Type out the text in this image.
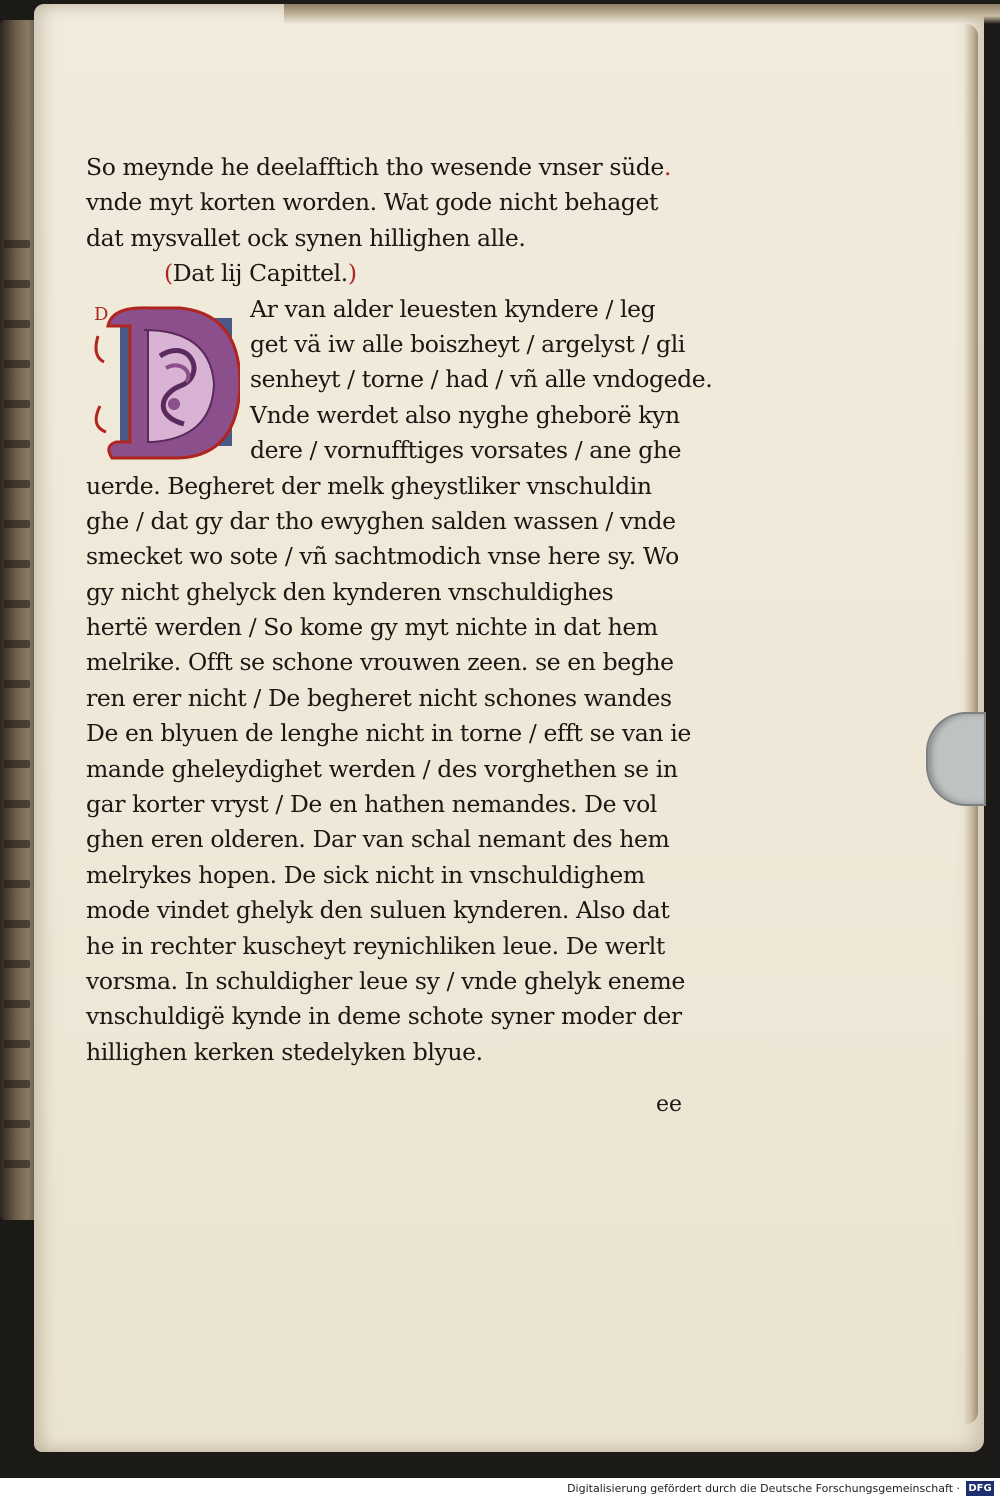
So meynde he deelafftich tho wesende vnser süde.
vnde myt korten worden. Wat gode nicht behaget
dat mysvallet ock synen hillighen alle.
(Dat lij Capittel.)
D	Ar van alder leuesten kyndere / leg
get vä iw alle boiszheyt / argelyst / gli
senheyt / torne / had / vñ alle vndogede.
Vnde werdet also nyghe gheborë kyn
dere / vornufftiges vorsates / ane ghe
uerde. Begheret der melk gheystliker vnschuldin
ghe / dat gy dar tho ewyghen salden wassen / vnde
smecket wo sote / vñ sachtmodich vnse here sy. Wo
gy nicht ghelyck den kynderen vnschuldighes
hertë werden / So kome gy myt nichte in dat hem
melrike. Offt se schone vrouwen zeen. se en beghe
ren erer nicht / De begheret nicht schones wandes
De en blyuen de lenghe nicht in torne / efft se van ie
mande gheleydighet werden / des vorghethen se in
gar korter vryst / De en hathen nemandes. De vol
ghen eren olderen. Dar van schal nemant des hem
melrykes hopen. De sick nicht in vnschuldighem
mode vindet ghelyk den suluen kynderen. Also dat
he in rechter kuscheyt reynichliken leue. De werlt
vorsma. In schuldigher leue sy / vnde ghelyk eneme
vnschuldigë kynde in deme schote syner moder der
hillighen kerken stedelyken blyue.
ee
Digitalisierung gefördert durch die Deutsche Forschungsgemeinschaft · DFG
